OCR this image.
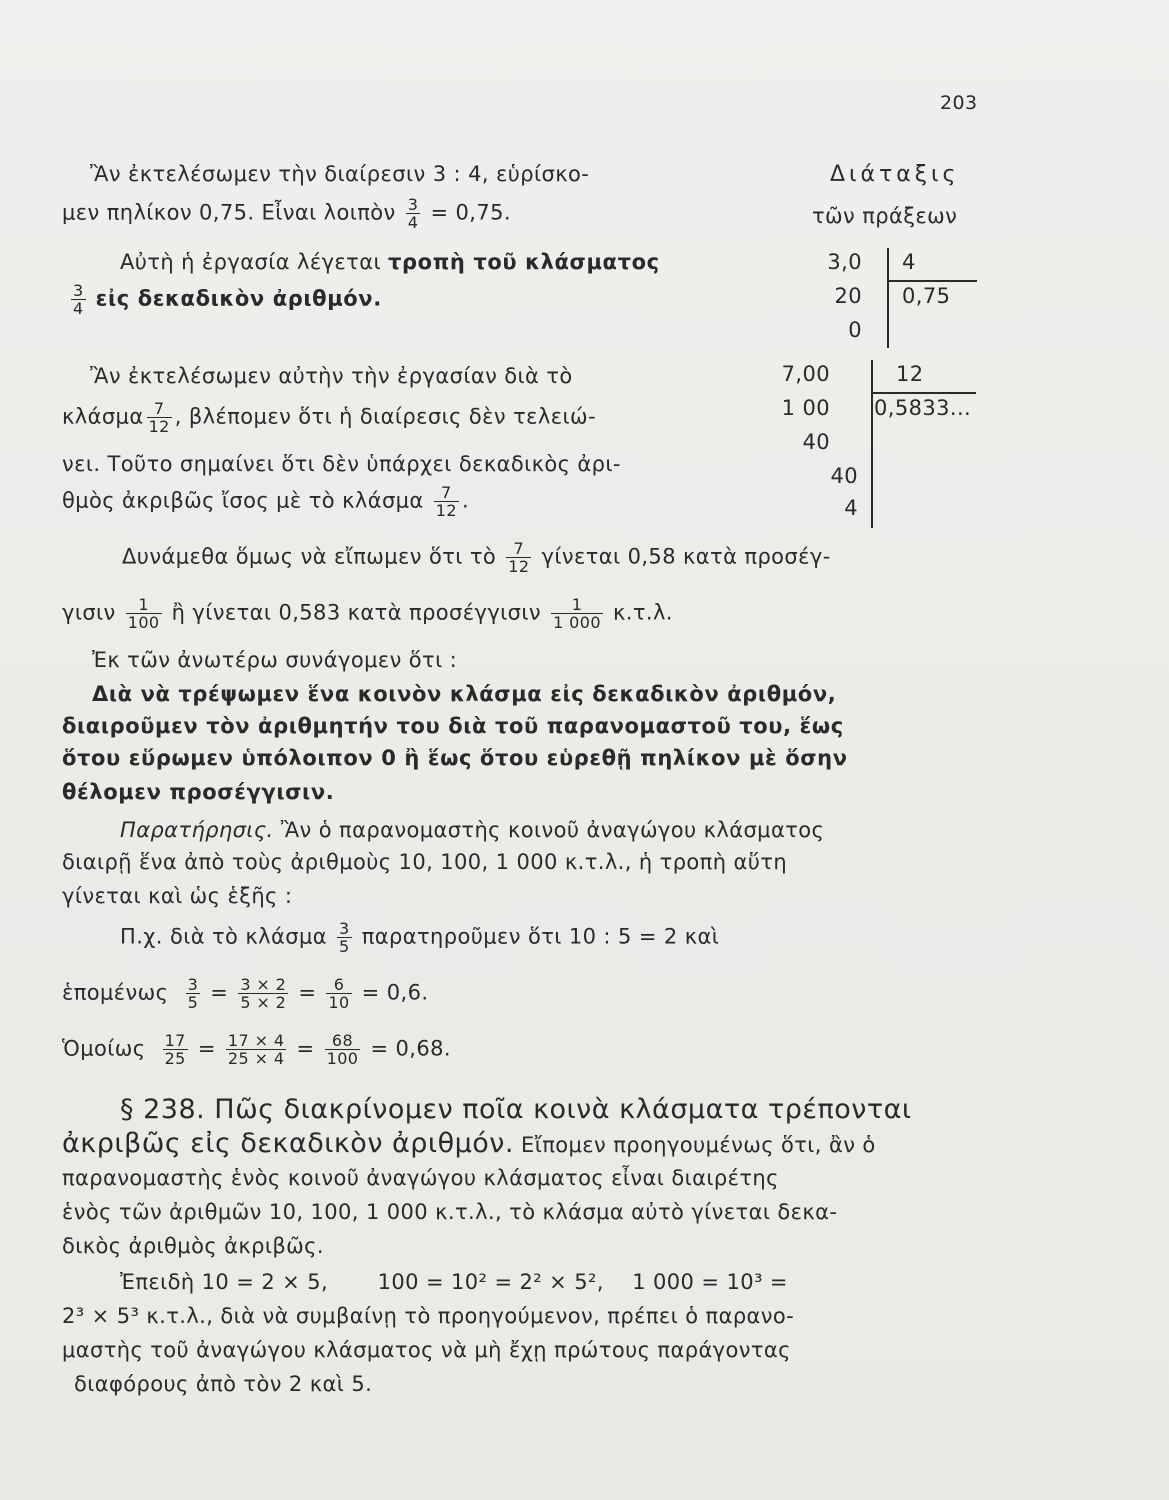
203
Διάταξις
τῶν πράξεων
Ἂν ἐκτελέσωμεν τὴν διαίρεσιν 3 : 4, εὑρίσκο-
μεν πηλίκον 0,75. Εἶναι λοιπὸν $\frac{3}{4} = 0,75$.
Αὐτὴ ἡ ἐργασία λέγεται τροπὴ τοῦ κλάσματος
$\frac{3}{4}$ εἰς δεκαδικὸν ἀριθμόν.
3,0
20
0
4
0,75
Ἂν ἐκτελέσωμεν αὐτὴν τὴν ἐργασίαν διὰ τὸ
κλάσμα $\frac{7}{12}$ , βλέπομεν ὅτι ἡ διαίρεσις δὲν τελειώ-
νει. Τοῦτο σημαίνει ὅτι δὲν ὑπάρχει δεκαδικὸς ἀρι-
θμὸς ἀκριβῶς ἴσος μὲ τὸ κλάσμα $\frac{7}{12}$ .
7,00
1 00
40
40
4
12
0,5833...
Δυνάμεθα ὅμως νὰ εἴπωμεν ὅτι τὸ $\frac{7}{12}$ γίνεται 0,58 κατὰ προσέγ-
γισιν $\frac{1}{100}$ ἢ γίνεται 0,583 κατὰ προσέγγισιν $\frac{1}{1 000} \kappa.\tau.\lambda$.
Ἐκ τῶν ἀνωτέρω συνάγομεν ὅτι :
Διὰ νὰ τρέψωμεν ἕνα κοινὸν κλάσμα εἰς δεκαδικὸν ἀριθμόν,
διαιροῦμεν τὸν ἀριθμητήν του διὰ τοῦ παρανομαστοῦ του, ἕως
ὅτου εὕρωμεν ὑπόλοιπον 0 ἢ ἕως ὅτου εὑρεθῇ πηλίκον μὲ ὅσην
θέλομεν προσέγγισιν.
Παρατήρησις. Ἂν ὁ παρανομαστὴς κοινοῦ ἀναγώγου κλάσματος
διαιρῇ ἕνα ἀπὸ τοὺς ἀριθμοὺς 10, 100, 1 000 κ.τ.λ., ἡ τροπὴ αὕτη
γίνεται καὶ ὡς ἑξῆς :
Π.χ. διὰ τὸ κλάσμα $\frac{3}{5}$ παρατηροῦμεν ὅτι 10 : 5 = 2 καὶ
ἑπομένως $\frac{3}{5} = \frac{3 \times 2}{5 \times 2} = \frac{6}{10} = 0,6$.
Ὁμοίως $\frac{17}{25} = \frac{17 \times 4}{25 \times 4} = \frac{68}{100} = 0,68$.
§ 238. Πῶς διακρίνομεν ποῖα κοινὰ κλάσματα τρέπονται
ἀκριβῶς εἰς δεκαδικὸν ἀριθμόν. Εἴπομεν προηγουμένως ὅτι, ἂν ὁ
παρανομαστὴς ἑνὸς κοινοῦ ἀναγώγου κλάσματος εἶναι διαιρέτης
ἑνὸς τῶν ἀριθμῶν 10, 100, 1 000 κ.τ.λ., τὸ κλάσμα αὐτὸ γίνεται δεκα-
δικὸς ἀριθμὸς ἀκριβῶς.
Ἐπειδὴ 10 = 2 × 5,       100 = 10² = 2² × 5²,    1 000 = 10³ =
2³ × 5³ κ.τ.λ., διὰ νὰ συμβαίνῃ τὸ προηγούμενον, πρέπει ὁ παρανο-
μαστὴς τοῦ ἀναγώγου κλάσματος νὰ μὴ ἔχῃ πρώτους παράγοντας
διαφόρους ἀπὸ τὸν 2 καὶ 5.
